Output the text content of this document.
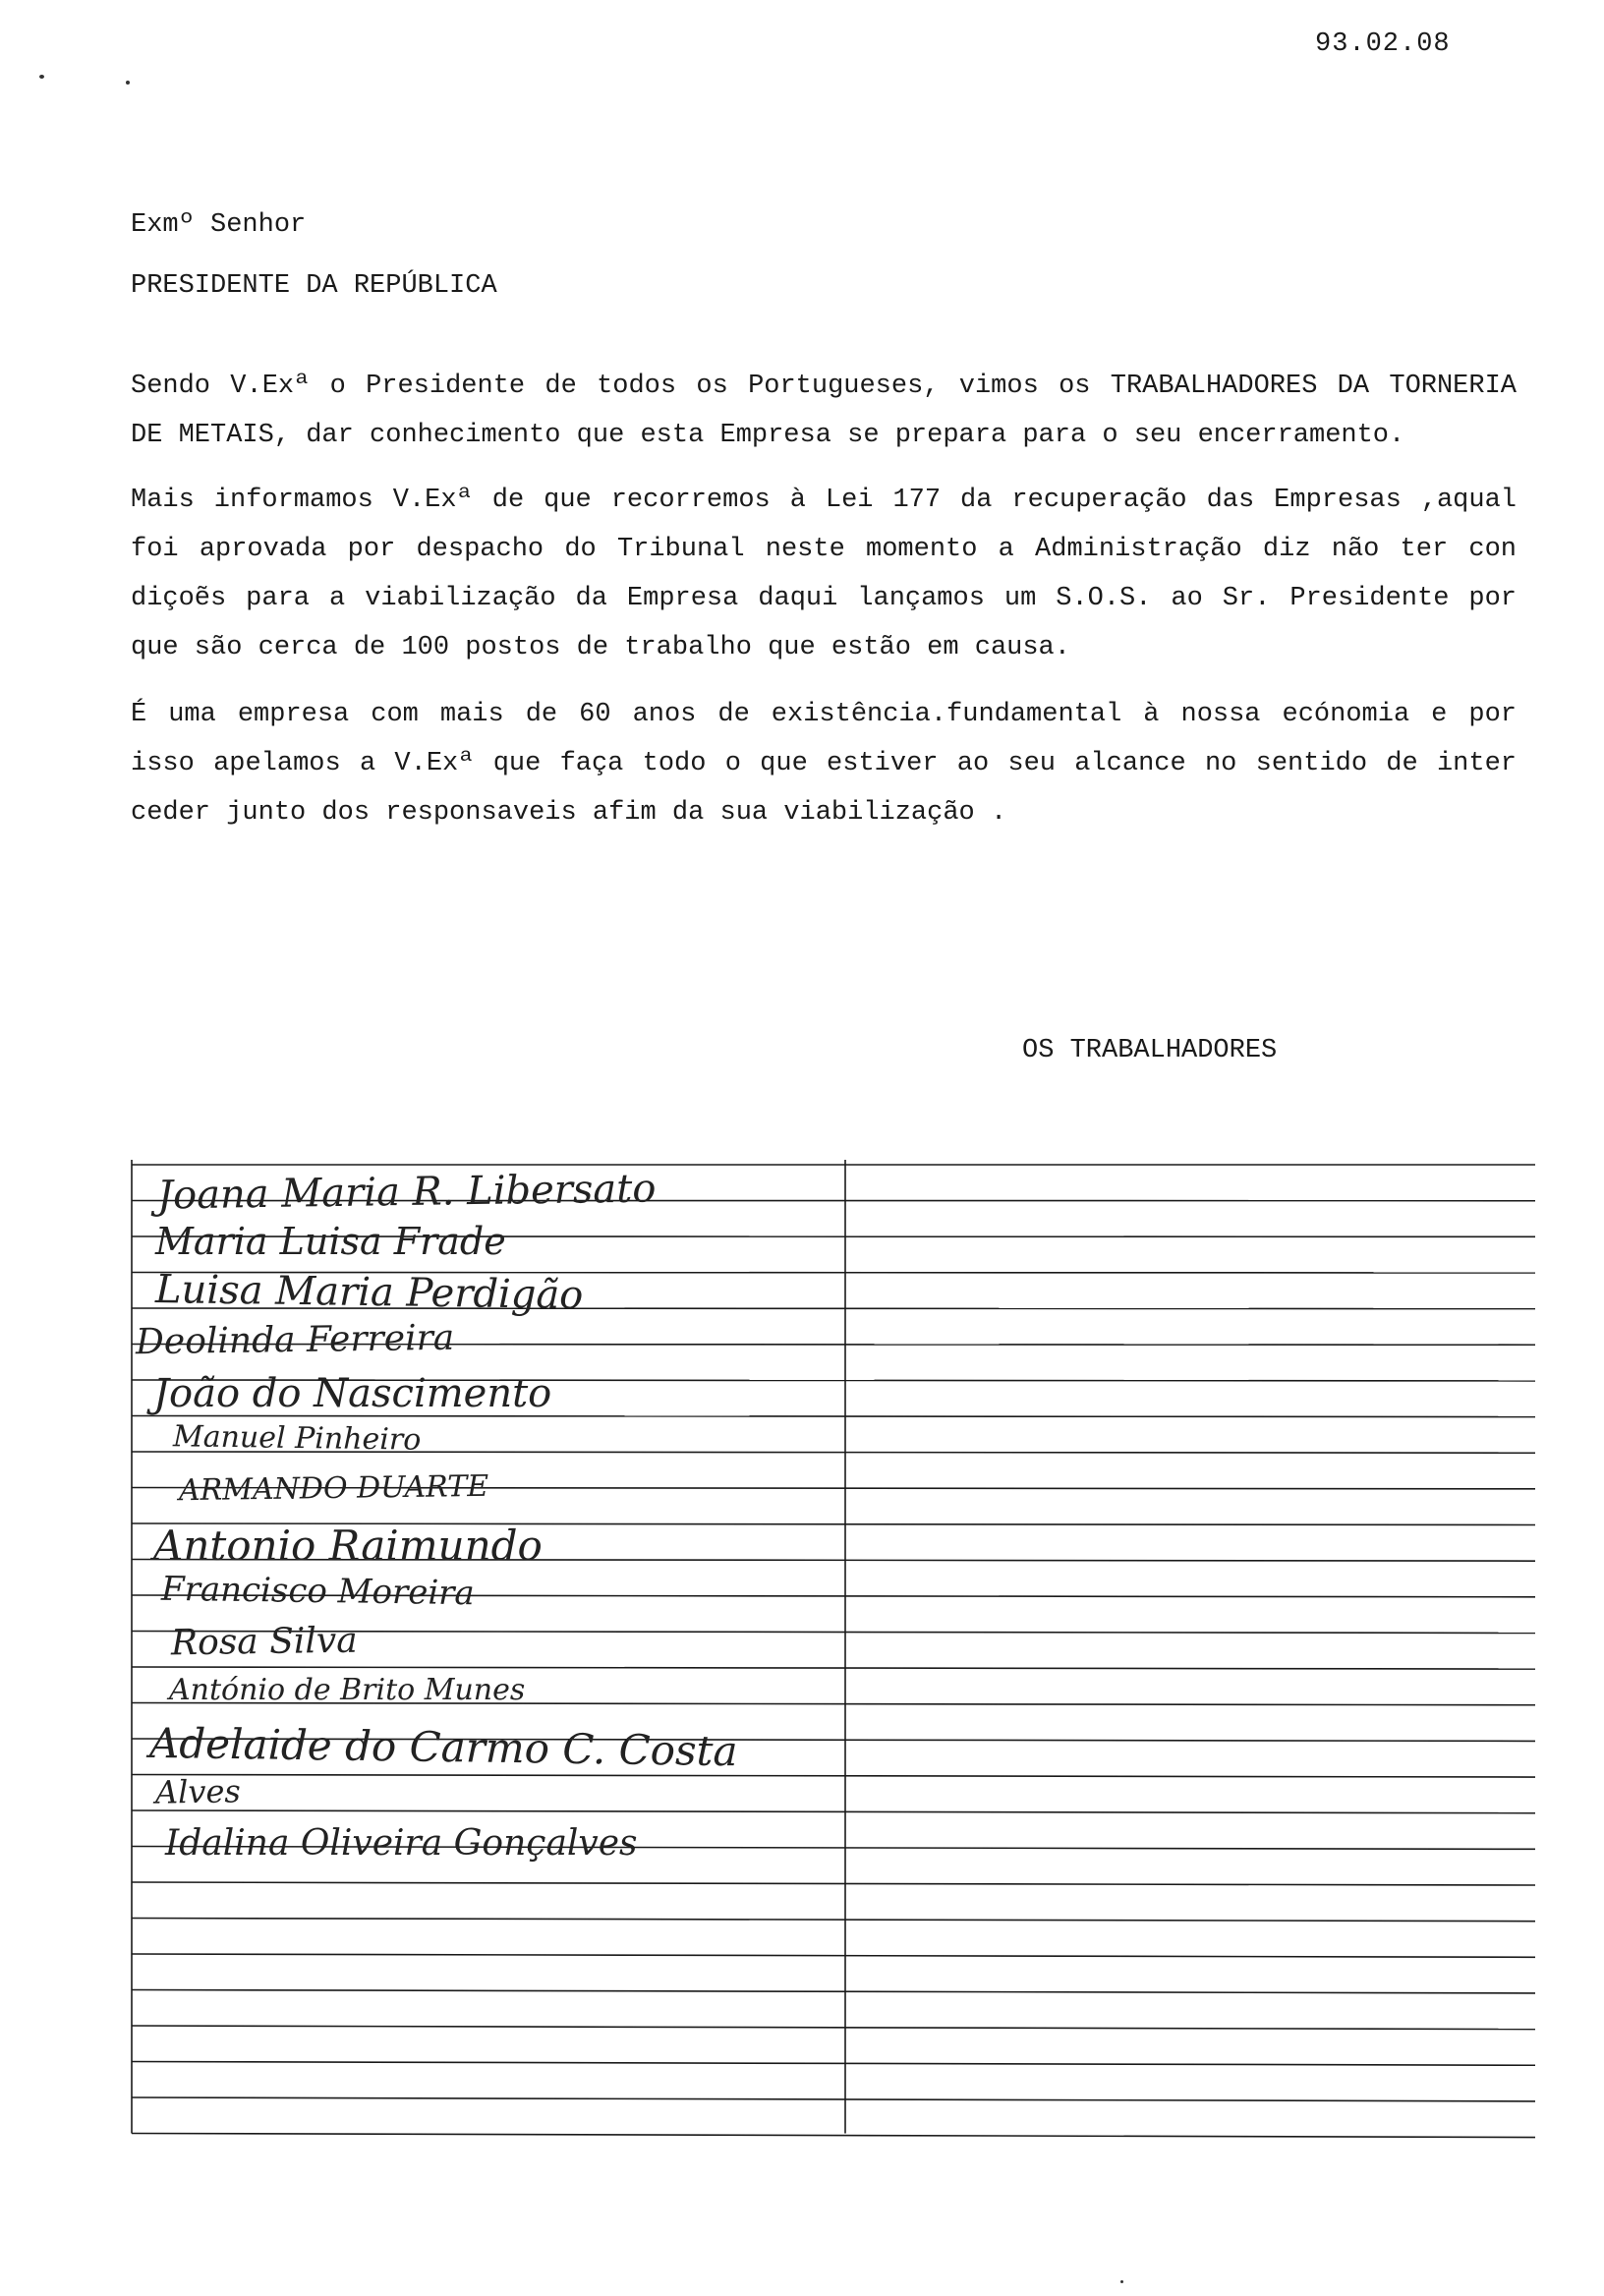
93.02.08
Exmº Senhor
PRESIDENTE DA REPÚBLICA
Sendo V.Exª o Presidente de todos os Portugueses, vimos os TRABALHADORES DA TORNERIA
DE METAIS, dar conhecimento que esta Empresa se prepara para o seu encerramento.
Mais informamos V.Exª de que recorremos à Lei 177 da recuperação das Empresas ,aqual
foi aprovada por despacho do Tribunal neste momento a Administração diz não ter con
diçoẽs para a viabilização da Empresa daqui lançamos um S.O.S. ao Sr. Presidente por
que são cerca de 100 postos de trabalho que estão em causa.
É uma empresa com mais de 60 anos de existência.fundamental à nossa ecónomia e por
isso apelamos a V.Exª que faça todo o que estiver ao seu alcance no sentido de inter
ceder junto dos responsaveis afim da sua viabilização .
OS TRABALHADORES
Joana Maria R. Libersato
Maria Luisa Frade
Luisa Maria Perdigão
Deolinda Ferreira
João do Nascimento
Manuel Pinheiro
ARMANDO DUARTE
Antonio Raimundo
Francisco Moreira
Rosa Silva
António de Brito Munes
Adelaide do Carmo C. Costa
Alves
Idalina Oliveira Gonçalves
